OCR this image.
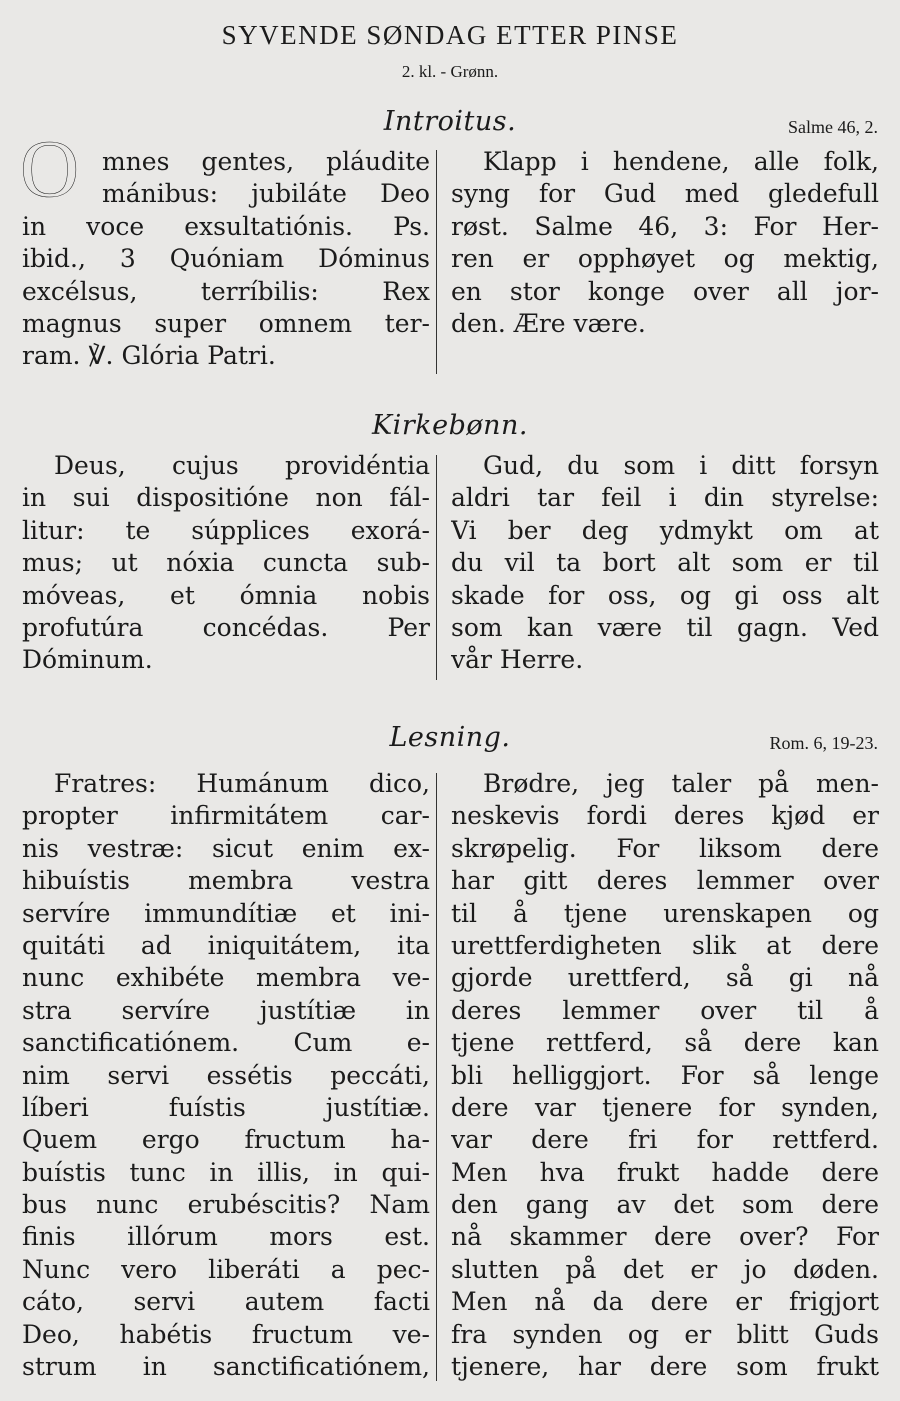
SYVENDE SØNDAG ETTER PINSE
2. kl. - Grønn.
Introitus.	Salme 46, 2.
O mnes gentes, pláudite
mánibus: jubiláte Deo
in voce exsultatiónis. Ps.
ibid., 3 Quóniam Dóminus
excélsus, terríbilis: Rex
magnus super omnem ter-
ram. ℣. Glória Patri.
Klapp i hendene, alle folk,
syng for Gud med gledefull
røst. Salme 46, 3: For Her-
ren er opphøyet og mektig,
en stor konge over all jor-
den. Ære være.
Kirkebønn.
Deus, cujus providéntia
in sui dispositióne non fál-
litur: te súpplices exorá-
mus; ut nóxia cuncta sub-
móveas, et ómnia nobis
profutúra concédas. Per
Dóminum.
Gud, du som i ditt forsyn
aldri tar feil i din styrelse:
Vi ber deg ydmykt om at
du vil ta bort alt som er til
skade for oss, og gi oss alt
som kan være til gagn. Ved
vår Herre.
Lesning.	Rom. 6, 19-23.
Fratres: Humánum dico,
propter infirmitátem car-
nis vestræ: sicut enim ex-
hibuístis membra vestra
servíre immundítiæ et ini-
quitáti ad iniquitátem, ita
nunc exhibéte membra ve-
stra servíre justítiæ in
sanctificatiónem. Cum e-
nim servi essétis peccáti,
líberi fuístis justítiæ.
Quem ergo fructum ha-
buístis tunc in illis, in qui-
bus nunc erubéscitis? Nam
finis illórum mors est.
Nunc vero liberáti a pec-
cáto, servi autem facti
Deo, habétis fructum ve-
strum in sanctificatiónem,
Brødre, jeg taler på men-
neskevis fordi deres kjød er
skrøpelig. For liksom dere
har gitt deres lemmer over
til å tjene urenskapen og
urettferdigheten slik at dere
gjorde urettferd, så gi nå
deres lemmer over til å
tjene rettferd, så dere kan
bli helliggjort. For så lenge
dere var tjenere for synden,
var dere fri for rettferd.
Men hva frukt hadde dere
den gang av det som dere
nå skammer dere over? For
slutten på det er jo døden.
Men nå da dere er frigjort
fra synden og er blitt Guds
tjenere, har dere som frukt
